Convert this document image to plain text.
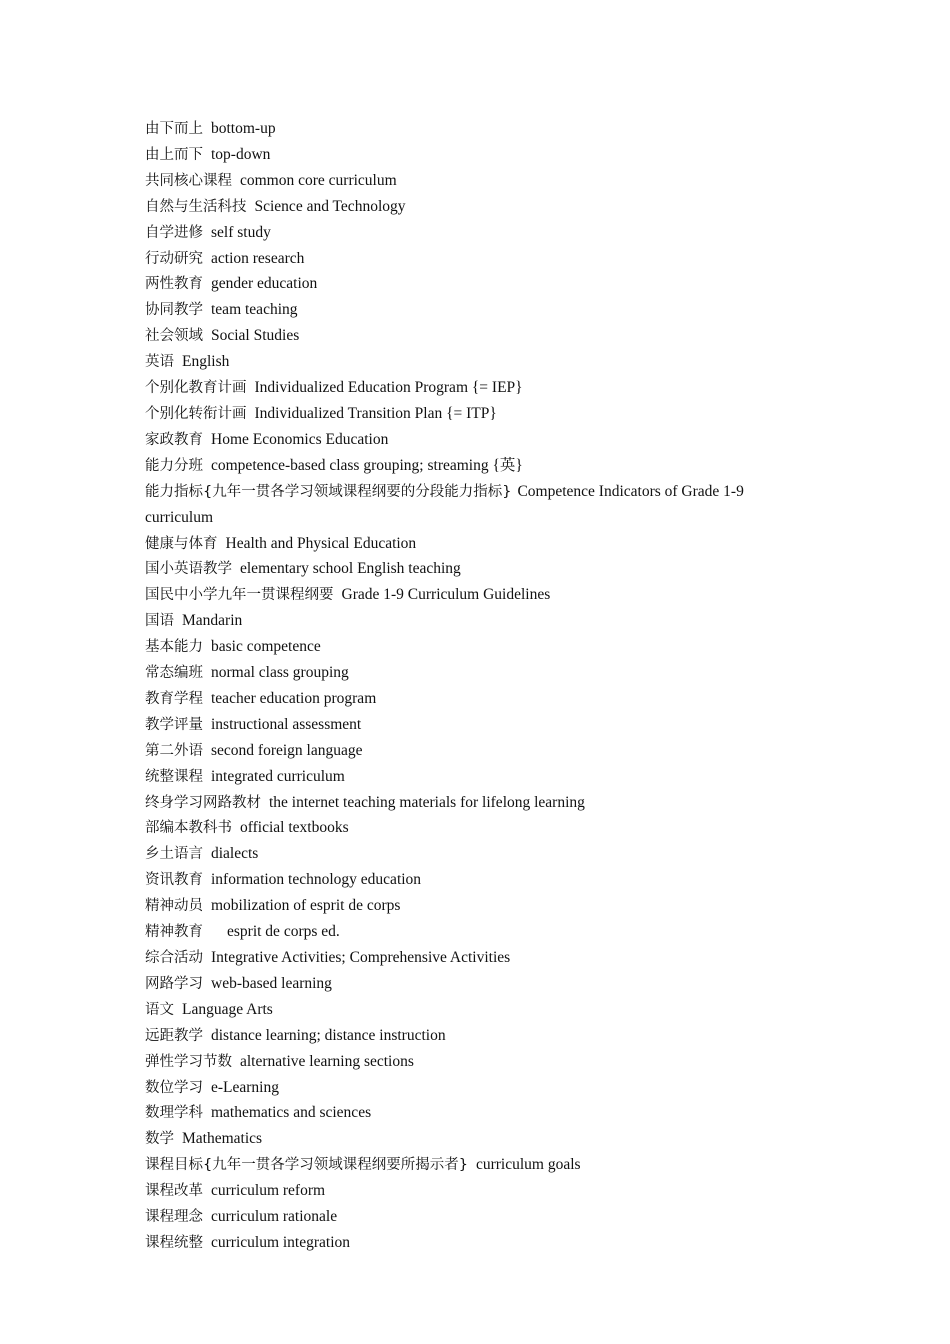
由下而上 bottom-up
由上而下 top-down
共同核心课程 common core curriculum
自然与生活科技 Science and Technology
自学进修 self study
行动研究 action research
两性教育 gender education
协同教学 team teaching
社会领域 Social Studies
英语 English
个别化教育计画 Individualized Education Program {= IEP}
个别化转衔计画 Individualized Transition Plan {= ITP}
家政教育 Home Economics Education
能力分班 competence-based class grouping; streaming {英}
能力指标{九年一贯各学习领域课程纲要的分段能力指标} Competence Indicators of Grade 1-9 curriculum
健康与体育 Health and Physical Education
国小英语教学 elementary school English teaching
国民中小学九年一贯课程纲要 Grade 1-9 Curriculum Guidelines
国语 Mandarin
基本能力 basic competence
常态编班 normal class grouping
教育学程 teacher education program
教学评量 instructional assessment
第二外语 second foreign language
统整课程 integrated curriculum
终身学习网路教材 the internet teaching materials for lifelong learning
部编本教科书 official textbooks
乡土语言 dialects
资讯教育 information technology education
精神动员 mobilization of esprit de corps
精神教育 esprit de corps ed.
综合活动 Integrative Activities; Comprehensive Activities
网路学习 web-based learning
语文 Language Arts
远距教学 distance learning; distance instruction
弹性学习节数 alternative learning sections
数位学习 e-Learning
数理学科 mathematics and sciences
数学 Mathematics
课程目标{九年一贯各学习领域课程纲要所揭示者} curriculum goals
课程改革 curriculum reform
课程理念 curriculum rationale
课程统整 curriculum integration
